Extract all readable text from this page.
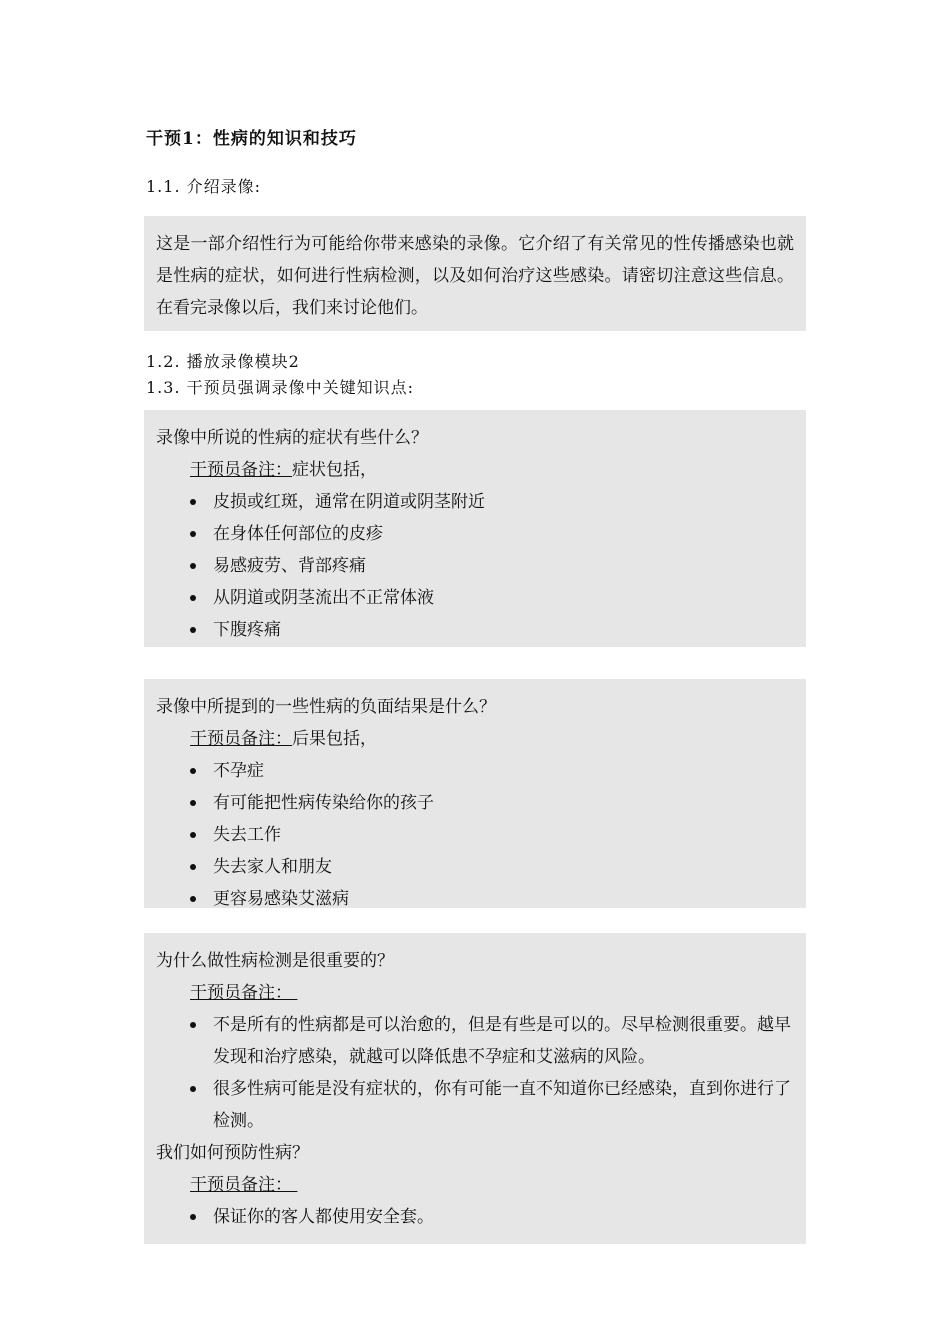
干预1：性病的知识和技巧
1.1. 介绍录像:

这是一部介绍性行为可能给你带来感染的录像。它介绍了有关常见的性传播感染也就是性病的症状，如何进行性病检测，以及如何治疗这些感染。请密切注意这些信息。在看完录像以后，我们来讨论他们。

1.2. 播放录像模块2
1.3. 干预员强调录像中关键知识点:

录像中所说的性病的症状有些什么？

干预员备注：症状包括，
皮损或红斑，通常在阴道或阴茎附近
在身体任何部位的皮疹
易感疲劳、背部疼痛
从阴道或阴茎流出不正常体液
下腹疼痛

录像中所提到的一些性病的负面结果是什么？

干预员备注：后果包括，
不孕症
有可能把性病传染给你的孩子
失去工作
失去家人和朋友
更容易感染艾滋病

为什么做性病检测是很重要的？

干预员备注：
不是所有的性病都是可以治愈的，但是有些是可以的。尽早检测很重要。越早发现和治疗感染，就越可以降低患不孕症和艾滋病的风险。
很多性病可能是没有症状的，你有可能一直不知道你已经感染，直到你进行了检测。

我们如何预防性病？

干预员备注：
保证你的客人都使用安全套。
